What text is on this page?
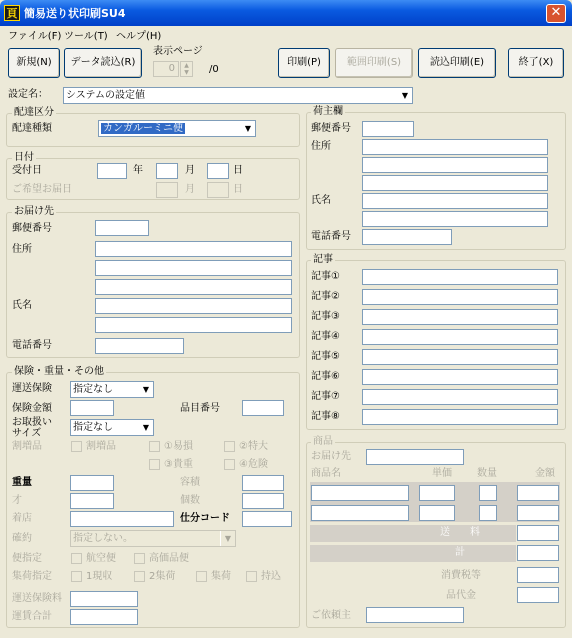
頁 簡易送り状印刷SU4	✕
ファイル(F) ツール(T) ヘルプ(H)
新規(N)	データ読込(R)
表示ページ
0	▲
▼	/0
印刷(P)	範囲印刷(S)	読込印刷(E)	終了(X)
設定名：	システムの設定値	▼
配達区分
配達種類	カンガルーミニ便	▼
日付
受付日	年	月	日
ご希望お届日	月	日
お届け先
郵便番号
住所
氏名
電話番号
保険・重量・その他
運送保険	指定なし	▼
保険金額	品目番号
お取扱い
サイズ
指定なし	▼
割増品	割増品	①易損	②特大
③貴重	④危険
重量	容積
才	個数
着店	仕分コード
確約	指定しない。	▼
便指定	航空便	高価品便
集荷指定	1現収	2集荷	集荷	持込
運送保険料
運賃合計
荷主欄
郵便番号
住所
氏名
電話番号
記事
記事①
記事②
記事③
記事④
記事⑤
記事⑥
記事⑦
記事⑧
商品
お届け先
商品名	単価	数量	金額
送　　料
計
消費税等
品代金
ご依頼主
